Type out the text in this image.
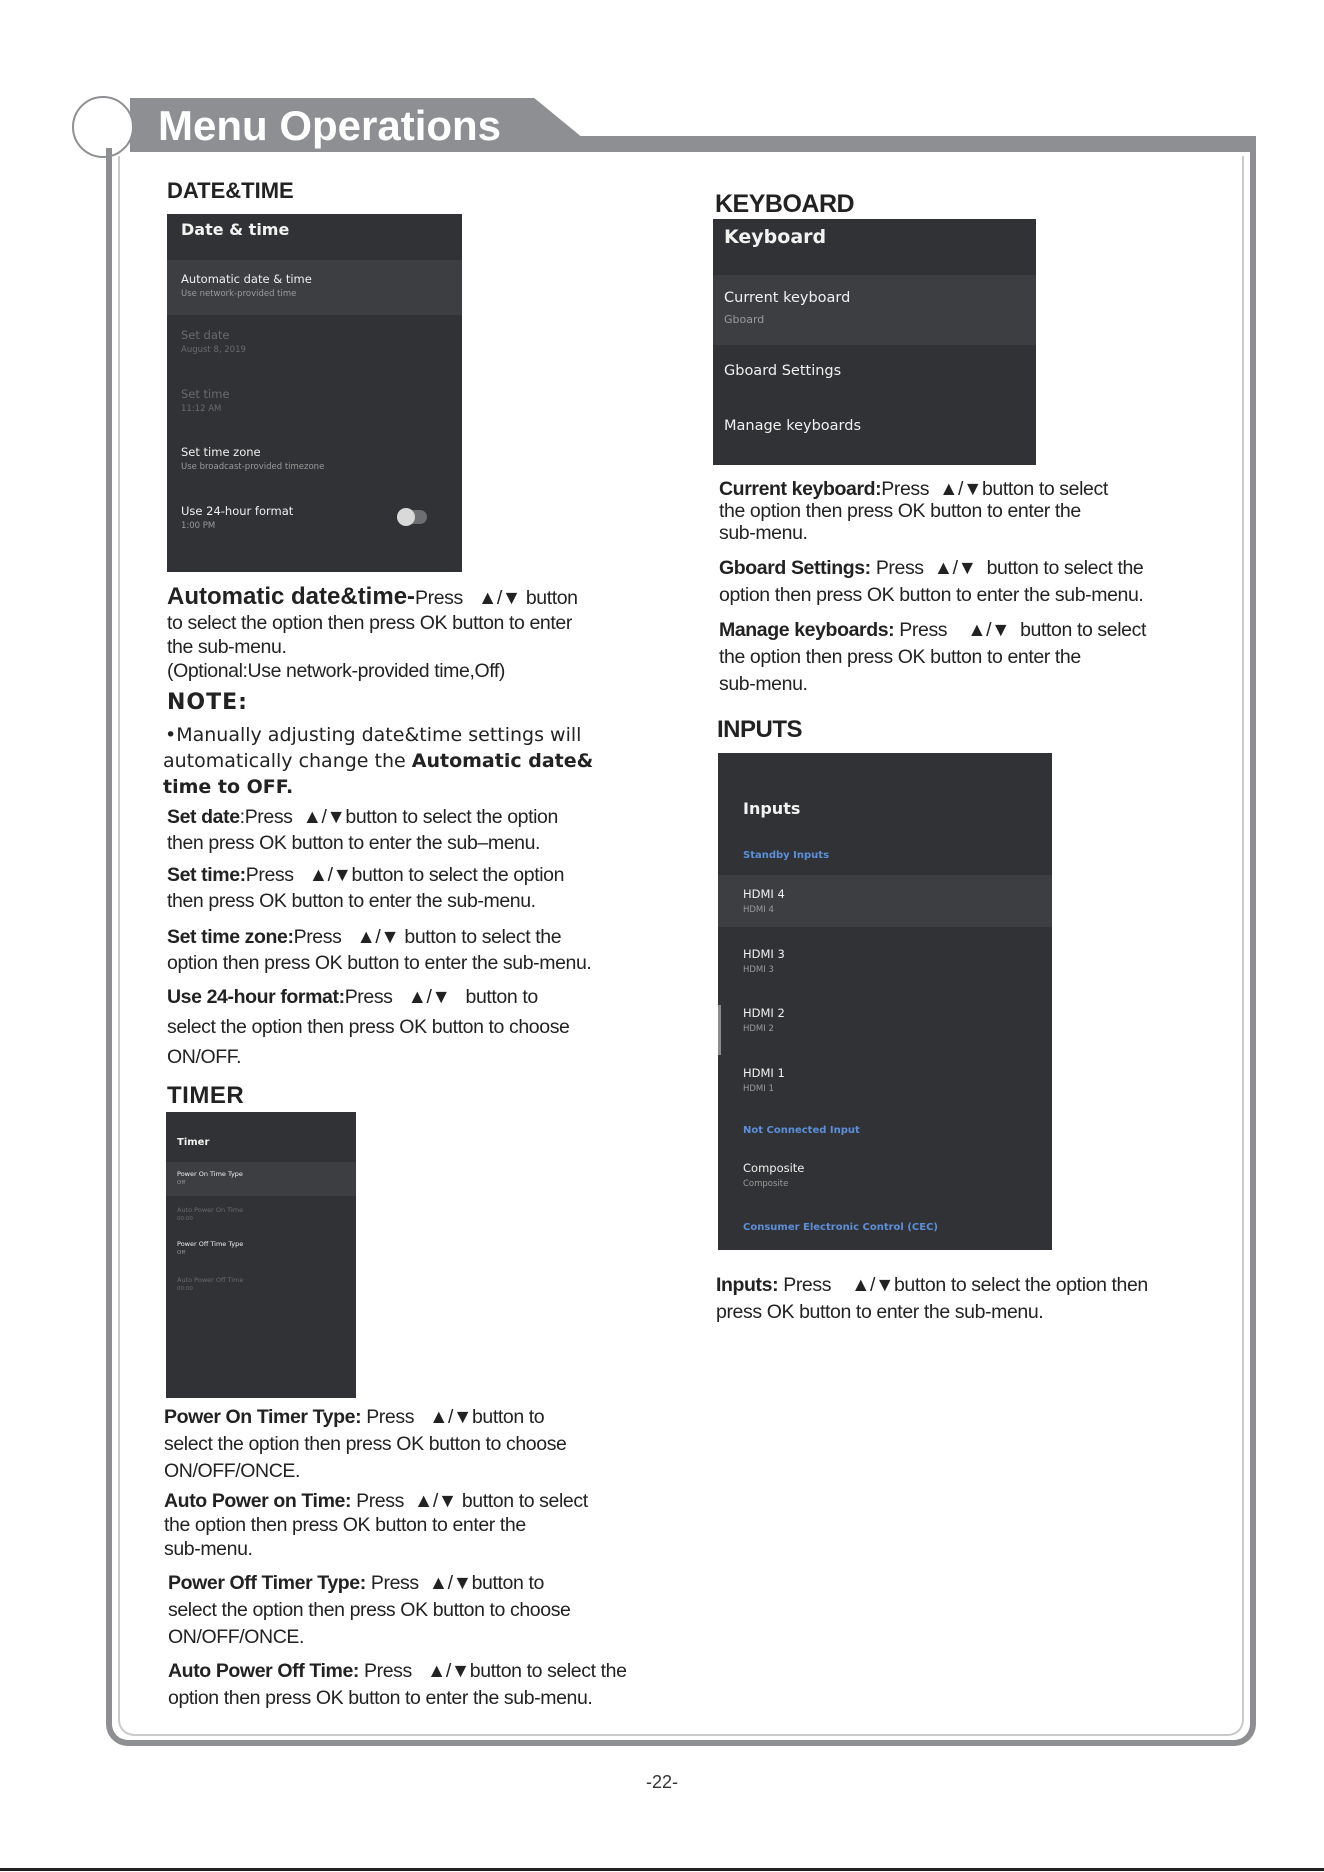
Menu Operations
DATE&TIME
Date & time
Automatic date & time
Use network-provided time
Set date
August 8, 2019
Set time
11:12 AM
Set time zone
Use broadcast-provided timezone
Use 24-hour format
1:00 PM
Automatic date&time-Press ▲/▼ button
to select the option then press OK button to enter
the sub-menu.
(Optional:Use network-provided time,Off)
NOTE:
•Manually adjusting date&time settings will
automatically change the Automatic date&
time to OFF.
Set date:Press ▲/▼button to select the option
then press OK button to enter the sub–menu.
Set time:Press ▲/▼button to select the option
then press OK button to enter the sub-menu.
Set time zone:Press ▲/▼ button to select the
option then press OK button to enter the sub-menu.
Use 24-hour format:Press ▲/▼ button to
select the option then press OK button to choose
ON/OFF.
TIMER
Timer
Power On Time Type
Off
Auto Power On Time
00:00
Power Off Time Type
Off
Auto Power Off Time
00:00
Power On Timer Type: Press ▲/▼button to
select the option then press OK button to choose
ON/OFF/ONCE.
Auto Power on Time: Press ▲/▼ button to select
the option then press OK button to enter the
sub-menu.
Power Off Timer Type: Press ▲/▼button to
select the option then press OK button to choose
ON/OFF/ONCE.
Auto Power Off Time: Press ▲/▼button to select the
option then press OK button to enter the sub-menu.
KEYBOARD
Keyboard
Current keyboard
Gboard
Gboard Settings
Manage keyboards
Current keyboard:Press ▲/▼button to select
the option then press OK button to enter the
sub-menu.
Gboard Settings: Press ▲/▼ button to select the
option then press OK button to enter the sub-menu.
Manage keyboards: Press ▲/▼ button to select
the option then press OK button to enter the
sub-menu.
INPUTS
Inputs
Standby Inputs
HDMI 4
HDMI 4
HDMI 3
HDMI 3
HDMI 2
HDMI 2
HDMI 1
HDMI 1
Not Connected Input
Composite
Composite
Consumer Electronic Control (CEC)
Inputs: Press ▲/▼button to select the option then
press OK button to enter the sub-menu.
-22-
